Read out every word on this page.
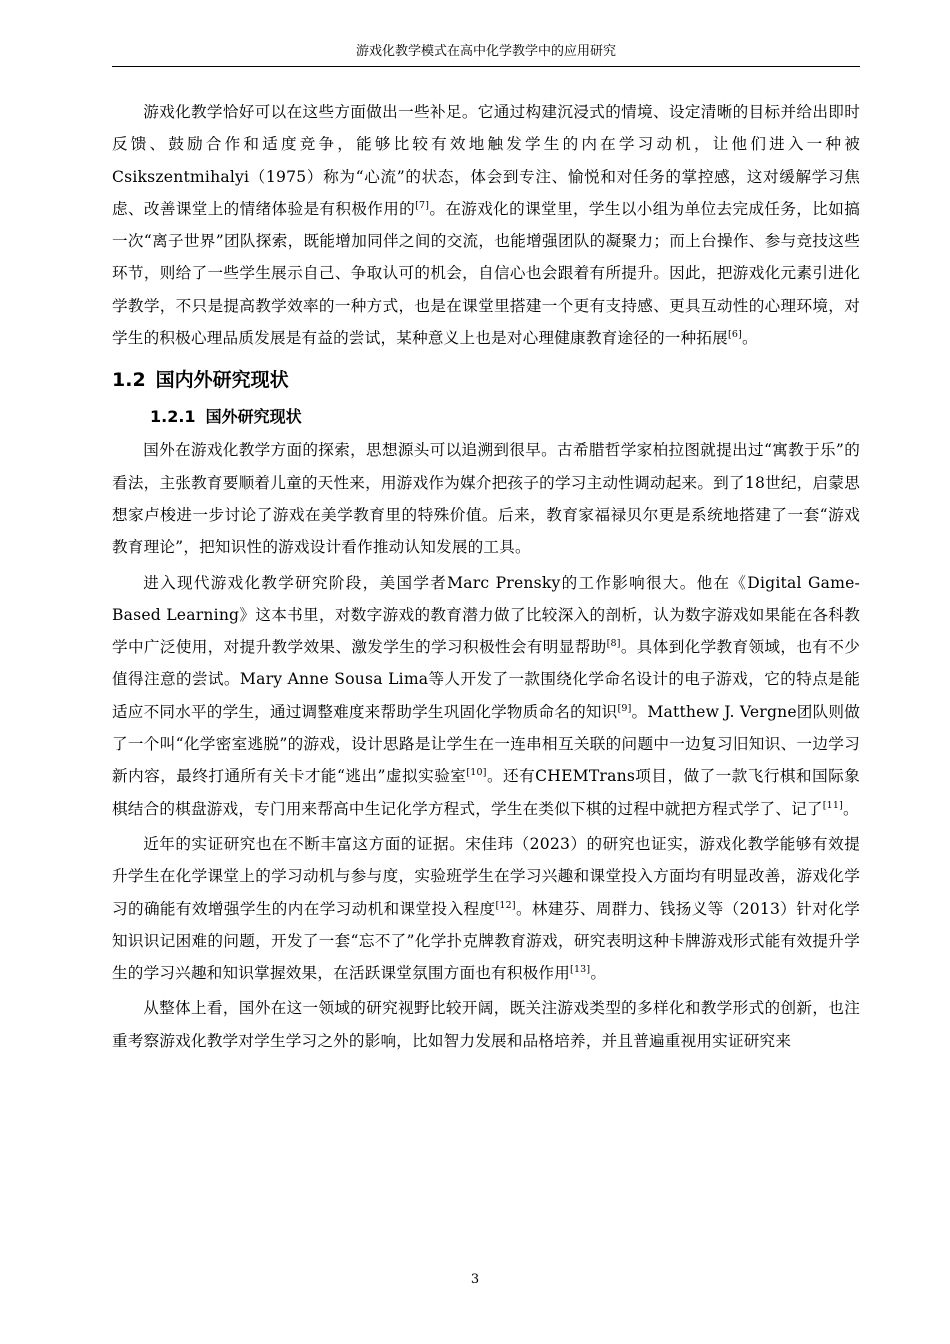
游戏化教学模式在高中化学教学中的应用研究

游戏化教学恰好可以在这些方面做出一些补足。它通过构建沉浸式的情境、设定清晰的目标并给出即时反馈、鼓励合作和适度竞争，能够比较有效地触发学生的内在学习动机，让他们进入一种被Csikszentmihalyi（1975）称为“心流”的状态，体会到专注、愉悦和对任务的掌控感，这对缓解学习焦虑、改善课堂上的情绪体验是有积极作用的[7]。在游戏化的课堂里，学生以小组为单位去完成任务，比如搞一次“离子世界”团队探索，既能增加同伴之间的交流，也能增强团队的凝聚力；而上台操作、参与竞技这些环节，则给了一些学生展示自己、争取认可的机会，自信心也会跟着有所提升。因此，把游戏化元素引进化学教学，不只是提高教学效率的一种方式，也是在课堂里搭建一个更有支持感、更具互动性的心理环境，对学生的积极心理品质发展是有益的尝试，某种意义上也是对心理健康教育途径的一种拓展[6]。

1.2 国内外研究现状
1.2.1 国外研究现状

国外在游戏化教学方面的探索，思想源头可以追溯到很早。古希腊哲学家柏拉图就提出过“寓教于乐”的看法，主张教育要顺着儿童的天性来，用游戏作为媒介把孩子的学习主动性调动起来。到了18世纪，启蒙思想家卢梭进一步讨论了游戏在美学教育里的特殊价值。后来，教育家福禄贝尔更是系统地搭建了一套“游戏教育理论”，把知识性的游戏设计看作推动认知发展的工具。

进入现代游戏化教学研究阶段，美国学者Marc Prensky的工作影响很大。他在《Digital Game-Based Learning》这本书里，对数字游戏的教育潜力做了比较深入的剖析，认为数字游戏如果能在各科教学中广泛使用，对提升教学效果、激发学生的学习积极性会有明显帮助[8]。具体到化学教育领域，也有不少值得注意的尝试。Mary Anne Sousa Lima等人开发了一款围绕化学命名设计的电子游戏，它的特点是能适应不同水平的学生，通过调整难度来帮助学生巩固化学物质命名的知识[9]。Matthew J. Vergne团队则做了一个叫“化学密室逃脱”的游戏，设计思路是让学生在一连串相互关联的问题中一边复习旧知识、一边学习新内容，最终打通所有关卡才能“逃出”虚拟实验室[10]。还有CHEMTrans项目，做了一款飞行棋和国际象棋结合的棋盘游戏，专门用来帮高中生记化学方程式，学生在类似下棋的过程中就把方程式学了、记了[11]。

近年的实证研究也在不断丰富这方面的证据。宋佳玮（2023）的研究也证实，游戏化教学能够有效提升学生在化学课堂上的学习动机与参与度，实验班学生在学习兴趣和课堂投入方面均有明显改善，游戏化学习的确能有效增强学生的内在学习动机和课堂投入程度[12]。林建芬、周群力、钱扬义等（2013）针对化学知识识记困难的问题，开发了一套“忘不了”化学扑克牌教育游戏，研究表明这种卡牌游戏形式能有效提升学生的学习兴趣和知识掌握效果，在活跃课堂氛围方面也有积极作用[13]。

从整体上看，国外在这一领域的研究视野比较开阔，既关注游戏类型的多样化和教学形式的创新，也注重考察游戏化教学对学生学习之外的影响，比如智力发展和品格培养，并且普遍重视用实证研究来

3
